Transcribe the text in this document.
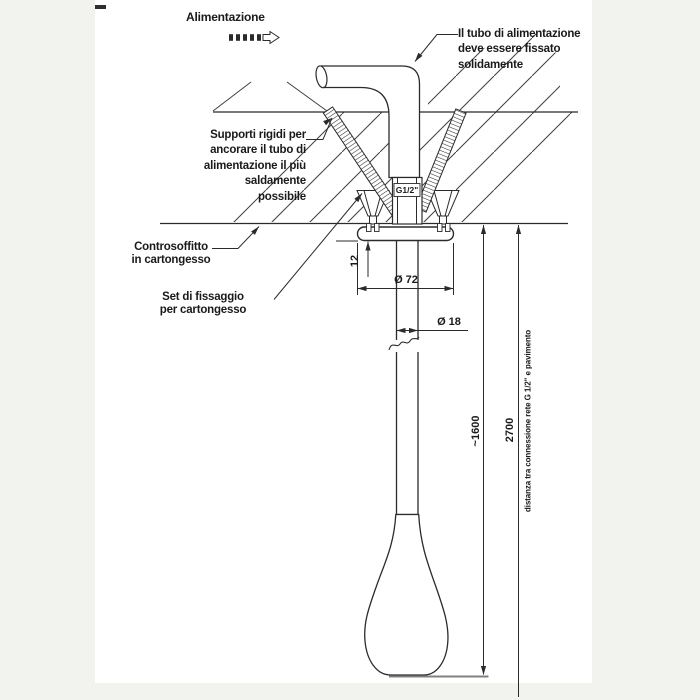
Alimentazione
Il tubo di alimentazione
deve essere fissato
solidamente
Supporti rigidi per
ancorare il tubo di
alimentazione il più
saldamente
possibile
Controsoffitto
in cartongesso
Set di fissaggio
per cartongesso
G1/2"
12
Ø 72
Ø 18
~1600 2700 distanza tra connessione rete G 1/2" e pavimento
